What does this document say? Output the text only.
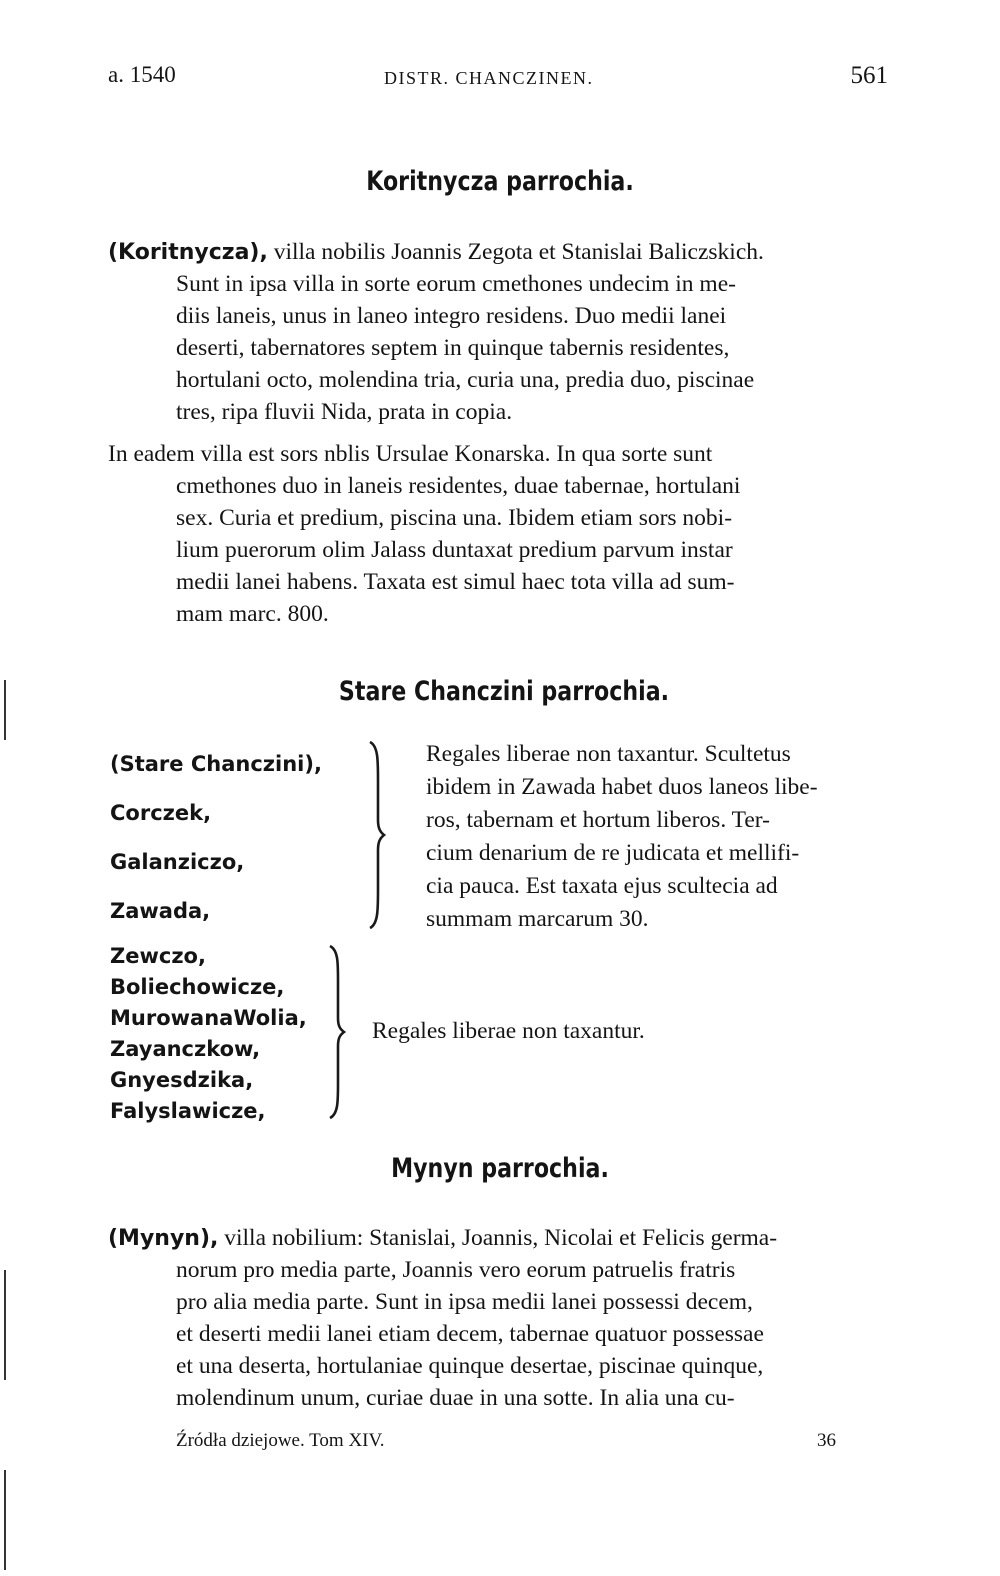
a. 1540	DISTR. CHANCZINEN.	561
Koritnycza parrochia.
(Koritnycza), villa nobilis Joannis Zegota et Stanislai Baliczskich.
Sunt in ipsa villa in sorte eorum cmethones undecim in me-
diis laneis, unus in laneo integro residens. Duo medii lanei
deserti, tabernatores septem in quinque tabernis residentes,
hortulani octo, molendina tria, curia una, predia duo, piscinae
tres, ripa fluvii Nida, prata in copia.
In eadem villa est sors nblis Ursulae Konarska. In qua sorte sunt
cmethones duo in laneis residentes, duae tabernae, hortulani
sex. Curia et predium, piscina una. Ibidem etiam sors nobi-
lium puerorum olim Jalass duntaxat predium parvum instar
medii lanei habens. Taxata est simul haec tota villa ad sum-
mam marc. 800.
Stare Chanczini parrochia.
(Stare Chanczini),
Corczek,
Galanziczo,
Zawada,
Regales liberae non taxantur. Scultetus
ibidem in Zawada habet duos laneos libe-
ros, tabernam et hortum liberos. Ter-
cium denarium de re judicata et mellifi-
cia pauca. Est taxata ejus scultecia ad
summam marcarum 30.
Zewczo,
Boliechowicze,
MurowanaWolia,
Zayanczkow,
Gnyesdzika,
Falyslawicze,
Regales liberae non taxantur.
Mynyn parrochia.
(Mynyn), villa nobilium: Stanislai, Joannis, Nicolai et Felicis germa-
norum pro media parte, Joannis vero eorum patruelis fratris
pro alia media parte. Sunt in ipsa medii lanei possessi decem,
et deserti medii lanei etiam decem, tabernae quatuor possessae
et una deserta, hortulaniae quinque desertae, piscinae quinque,
molendinum unum, curiae duae in una sotte. In alia una cu-
Źródła dziejowe. Tom XIV.	36
